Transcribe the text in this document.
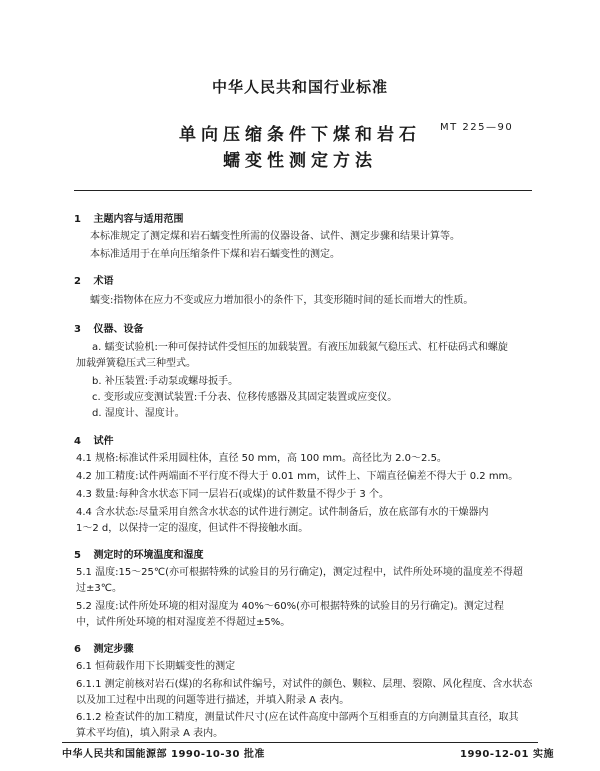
中华人民共和国行业标准
MT 225—90
单向压缩条件下煤和岩石
蠕变性测定方法
1 主题内容与适用范围
本标准规定了测定煤和岩石蠕变性所需的仪器设备、试件、测定步骤和结果计算等。
本标准适用于在单向压缩条件下煤和岩石蠕变性的测定。
2 术语
蠕变:指物体在应力不变或应力增加很小的条件下，其变形随时间的延长而增大的性质。
3 仪器、设备
a. 蠕变试验机:一种可保持试件受恒压的加载装置。有液压加载氮气稳压式、杠杆砝码式和螺旋
加载弹簧稳压式三种型式。
b. 补压装置:手动泵或螺母扳手。
c. 变形或应变测试装置:千分表、位移传感器及其固定装置或应变仪。
d. 湿度计、湿度计。
4 试件
4.1 规格:标准试件采用圆柱体，直径 50 mm，高 100 mm。高径比为 2.0～2.5。
4.2 加工精度:试件两端面不平行度不得大于 0.01 mm，试件上、下端直径偏差不得大于 0.2 mm。
4.3 数量:每种含水状态下同一层岩石(或煤)的试件数量不得少于 3 个。
4.4 含水状态:尽量采用自然含水状态的试件进行测定。试件制备后，放在底部有水的干燥器内
1～2 d，以保持一定的湿度，但试件不得接触水面。
5 测定时的环境温度和湿度
5.1 温度:15～25℃(亦可根据特殊的试验目的另行确定)，测定过程中，试件所处环境的温度差不得超
过±3℃。
5.2 湿度:试件所处环境的相对湿度为 40%～60%(亦可根据特殊的试验目的另行确定)。测定过程
中，试件所处环境的相对湿度差不得超过±5%。
6 测定步骤
6.1 恒荷载作用下长期蠕变性的测定
6.1.1 测定前核对岩石(煤)的名称和试件编号，对试件的颜色、颗粒、层理、裂隙、风化程度、含水状态
以及加工过程中出现的问题等进行描述，并填入附录 A 表内。
6.1.2 检查试件的加工精度，测量试件尺寸(应在试件高度中部两个互相垂直的方向测量其直径，取其
算术平均值)，填入附录 A 表内。
中华人民共和国能源部 1990-10-30 批准	1990-12-01 实施
